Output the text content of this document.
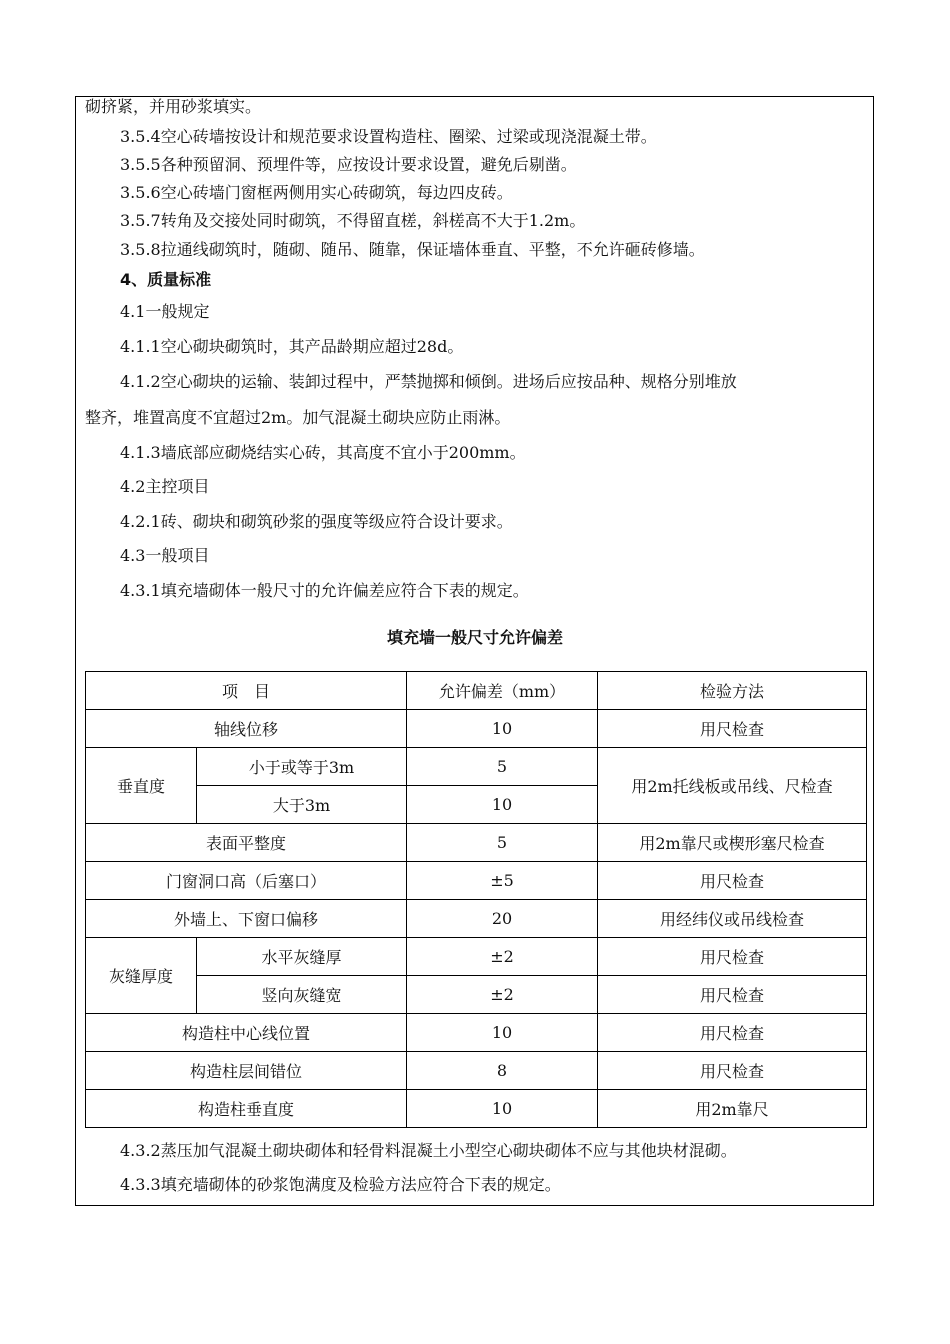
砌挤紧，并用砂浆填实。
3.5.4空心砖墙按设计和规范要求设置构造柱、圈梁、过梁或现浇混凝土带。
3.5.5各种预留洞、预埋件等，应按设计要求设置，避免后剔凿。
3.5.6空心砖墙门窗框两侧用实心砖砌筑，每边四皮砖。
3.5.7转角及交接处同时砌筑，不得留直槎，斜槎高不大于1.2m。
3.5.8拉通线砌筑时，随砌、随吊、随靠，保证墙体垂直、平整，不允许砸砖修墙。
4、质量标准
4.1一般规定
4.1.1空心砌块砌筑时，其产品龄期应超过28d。
4.1.2空心砌块的运输、装卸过程中，严禁抛掷和倾倒。进场后应按品种、规格分别堆放
整齐，堆置高度不宜超过2m。加气混凝土砌块应防止雨淋。
4.1.3墙底部应砌烧结实心砖，其高度不宜小于200mm。
4.2主控项目
4.2.1砖、砌块和砌筑砂浆的强度等级应符合设计要求。
4.3一般项目
4.3.1填充墙砌体一般尺寸的允许偏差应符合下表的规定。
填充墙一般尺寸允许偏差
项　目		允许偏差（mm）	检验方法
轴线位移		10	用尺检查
垂直度	小于或等于3m	5	用2m托线板或吊线、尺检查
	大于3m	10	
表面平整度		5	用2m靠尺或楔形塞尺检查
门窗洞口高（后塞口）		±5	用尺检查
外墙上、下窗口偏移		20	用经纬仪或吊线检查
灰缝厚度	水平灰缝厚	±2	用尺检查
	竖向灰缝宽	±2	用尺检查
构造柱中心线位置		10	用尺检查
构造柱层间错位		8	用尺检查
构造柱垂直度		10	用2m靠尺
4.3.2蒸压加气混凝土砌块砌体和轻骨料混凝土小型空心砌块砌体不应与其他块材混砌。
4.3.3填充墙砌体的砂浆饱满度及检验方法应符合下表的规定。
